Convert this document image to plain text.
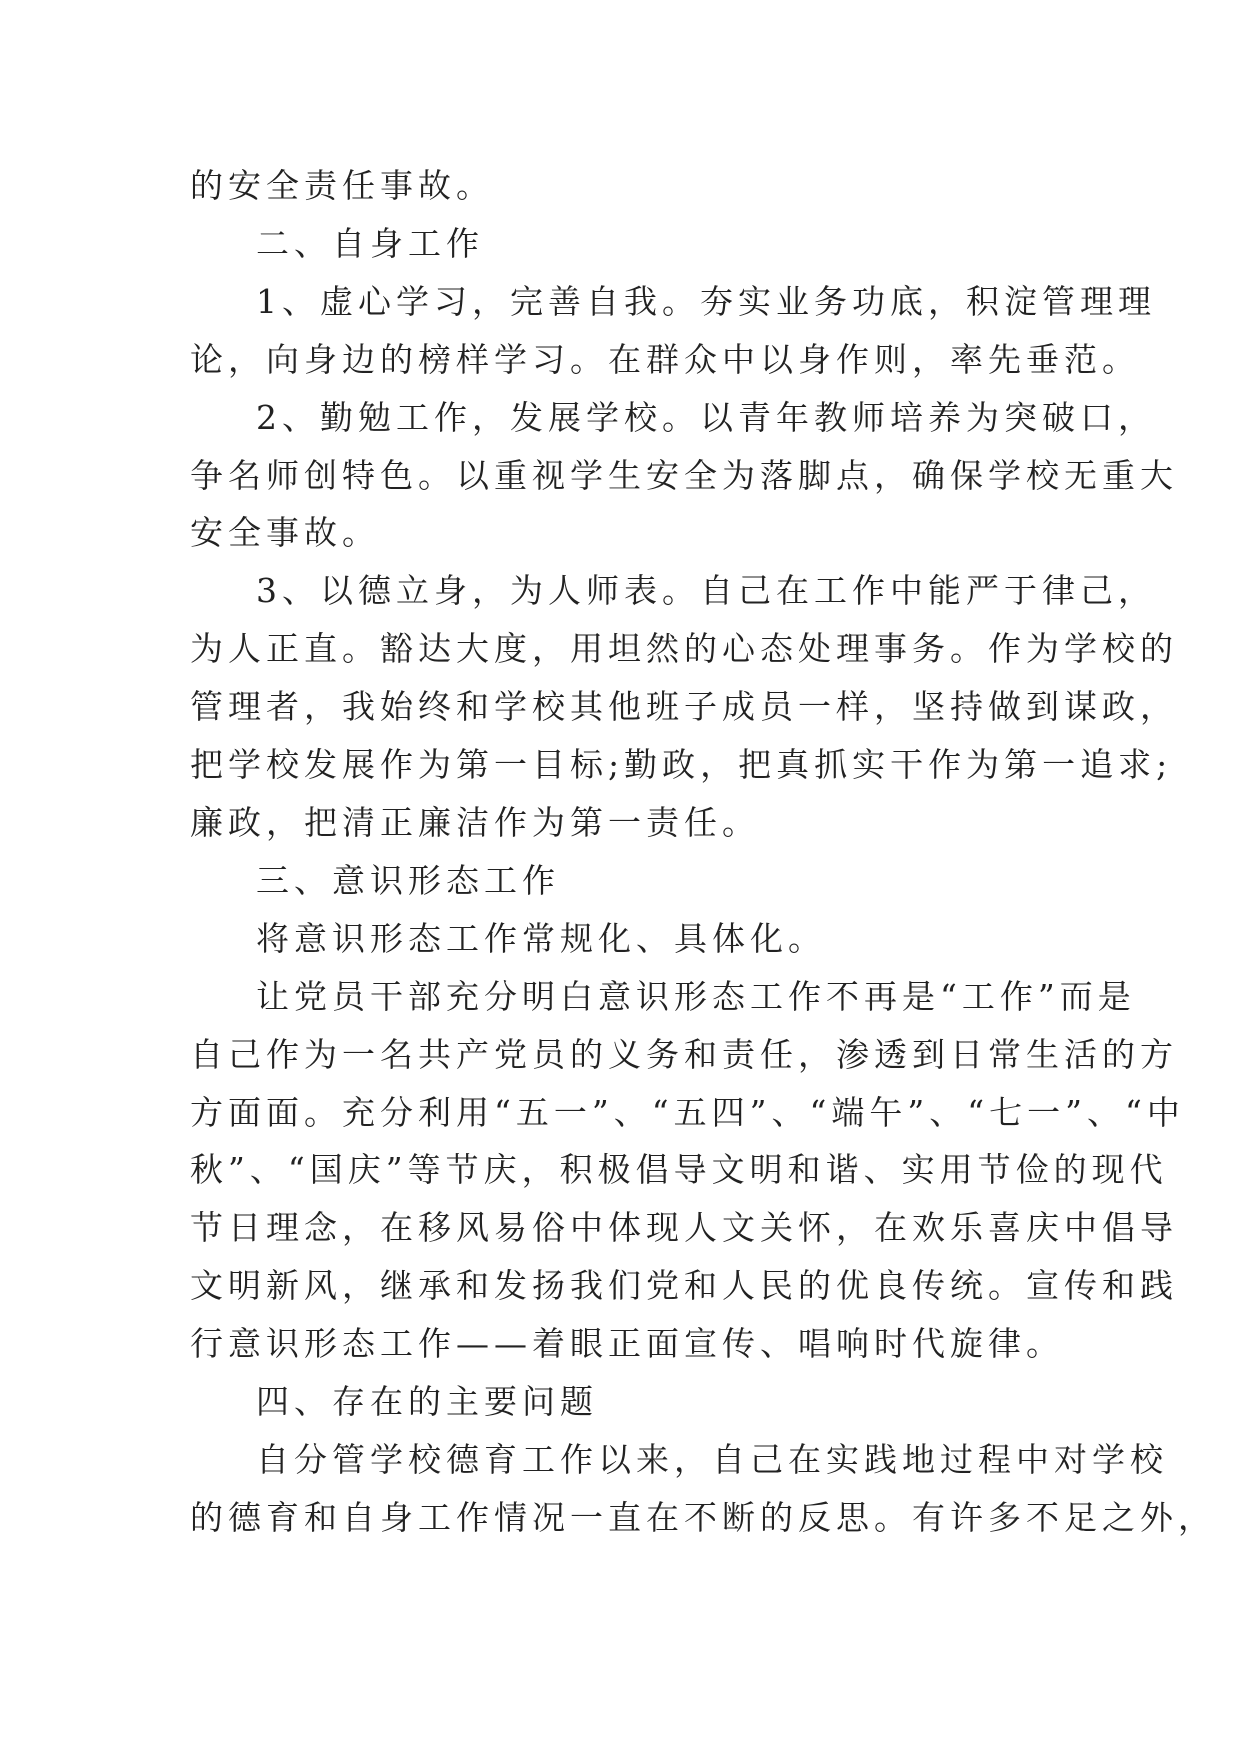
的安全责任事故。

二、自身工作

1、虚心学习，完善自我。夯实业务功底，积淀管理理
论，向身边的榜样学习。在群众中以身作则，率先垂范。

2、勤勉工作，发展学校。以青年教师培养为突破口，
争名师创特色。以重视学生安全为落脚点，确保学校无重大
安全事故。

3、以德立身，为人师表。自己在工作中能严于律己，
为人正直。豁达大度，用坦然的心态处理事务。作为学校的
管理者，我始终和学校其他班子成员一样，坚持做到谋政，
把学校发展作为第一目标;勤政，把真抓实干作为第一追求;
廉政，把清正廉洁作为第一责任。

三、意识形态工作

将意识形态工作常规化、具体化。

让党员干部充分明白意识形态工作不再是“工作”而是
自己作为一名共产党员的义务和责任，渗透到日常生活的方
方面面。充分利用“五一”、“五四”、“端午”、“七一”、“中
秋”、“国庆”等节庆，积极倡导文明和谐、实用节俭的现代
节日理念，在移风易俗中体现人文关怀，在欢乐喜庆中倡导
文明新风，继承和发扬我们党和人民的优良传统。宣传和践
行意识形态工作——着眼正面宣传、唱响时代旋律。

四、存在的主要问题

自分管学校德育工作以来，自己在实践地过程中对学校
的德育和自身工作情况一直在不断的反思。有许多不足之外，
